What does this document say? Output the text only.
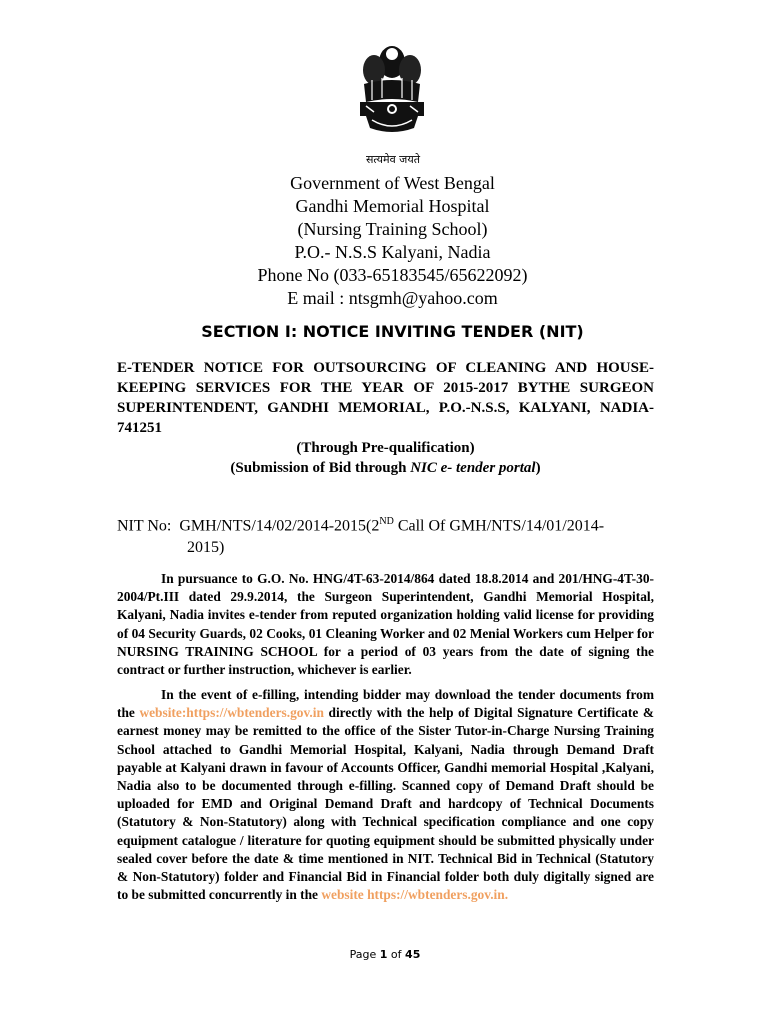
सत्यमेव जयते
Government of West Bengal
Gandhi Memorial Hospital
(Nursing Training School)
P.O.- N.S.S Kalyani, Nadia
Phone No (033-65183545/65622092)
E mail : ntsgmh@yahoo.com
SECTION I: NOTICE INVITING TENDER (NIT)
E-TENDER NOTICE FOR OUTSOURCING OF CLEANING AND HOUSE- KEEPING SERVICES FOR THE YEAR OF 2015-2017 BYTHE SURGEON SUPERINTENDENT, GANDHI MEMORIAL, P.O.-N.S.S, KALYANI, NADIA-741251
(Through Pre-qualification)
(Submission of Bid through NIC e- tender portal)
NIT No: GMH/NTS/14/02/2014-2015(2ND Call Of GMH/NTS/14/01/2014-
2015)
In pursuance to G.O. No. HNG/4T-63-2014/864 dated 18.8.2014 and 201/HNG-4T-30-2004/Pt.III dated 29.9.2014, the Surgeon Superintendent, Gandhi Memorial Hospital, Kalyani, Nadia invites e-tender from reputed organization holding valid license for providing of 04 Security Guards, 02 Cooks, 01 Cleaning Worker and 02 Menial Workers cum Helper for NURSING TRAINING SCHOOL for a period of 03 years from the date of signing the contract or further instruction, whichever is earlier.
In the event of e-filling, intending bidder may download the tender documents from the website:https://wbtenders.gov.in directly with the help of Digital Signature Certificate & earnest money may be remitted to the office of the Sister Tutor-in-Charge Nursing Training School attached to Gandhi Memorial Hospital, Kalyani, Nadia through Demand Draft payable at Kalyani drawn in favour of Accounts Officer, Gandhi memorial Hospital ,Kalyani, Nadia also to be documented through e-filling. Scanned copy of Demand Draft should be uploaded for EMD and Original Demand Draft and hardcopy of Technical Documents (Statutory & Non-Statutory) along with Technical specification compliance and one copy equipment catalogue / literature for quoting equipment should be submitted physically under sealed cover before the date & time mentioned in NIT. Technical Bid in Technical (Statutory & Non-Statutory) folder and Financial Bid in Financial folder both duly digitally signed are to be submitted concurrently in the website https://wbtenders.gov.in.
Page 1 of 45
